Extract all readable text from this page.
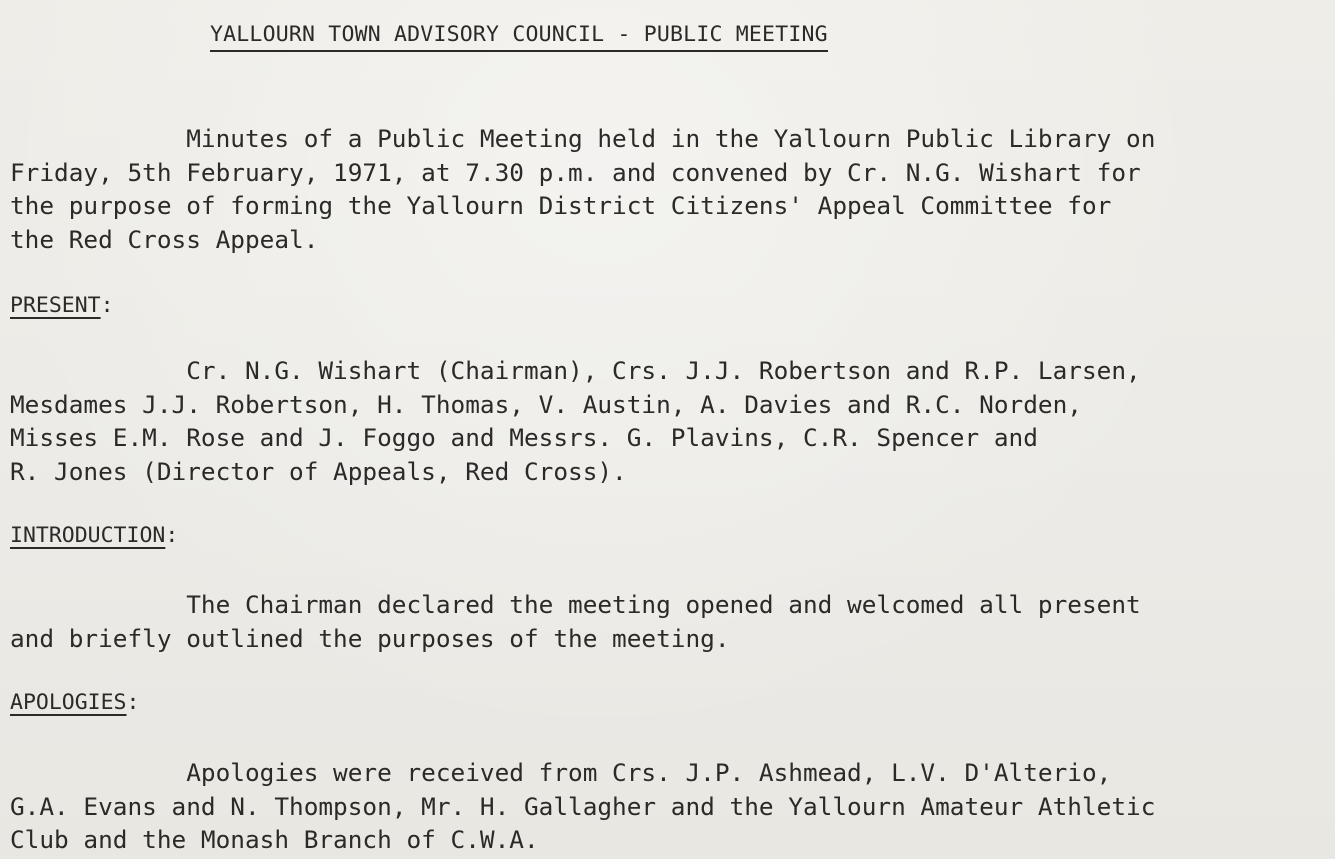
YALLOURN TOWN ADVISORY COUNCIL - PUBLIC MEETING
Minutes of a Public Meeting held in the Yallourn Public Library on
Friday, 5th February, 1971, at 7.30 p.m. and convened by Cr. N.G. Wishart for
the purpose of forming the Yallourn District Citizens' Appeal Committee for
the Red Cross Appeal.
PRESENT:
Cr. N.G. Wishart (Chairman), Crs. J.J. Robertson and R.P. Larsen,
Mesdames J.J. Robertson, H. Thomas, V. Austin, A. Davies and R.C. Norden,
Misses E.M. Rose and J. Foggo and Messrs. G. Plavins, C.R. Spencer and
R. Jones (Director of Appeals, Red Cross).
INTRODUCTION:
The Chairman declared the meeting opened and welcomed all present
and briefly outlined the purposes of the meeting.
APOLOGIES:
Apologies were received from Crs. J.P. Ashmead, L.V. D'Alterio,
G.A. Evans and N. Thompson, Mr. H. Gallagher and the Yallourn Amateur Athletic
Club and the Monash Branch of C.W.A.
